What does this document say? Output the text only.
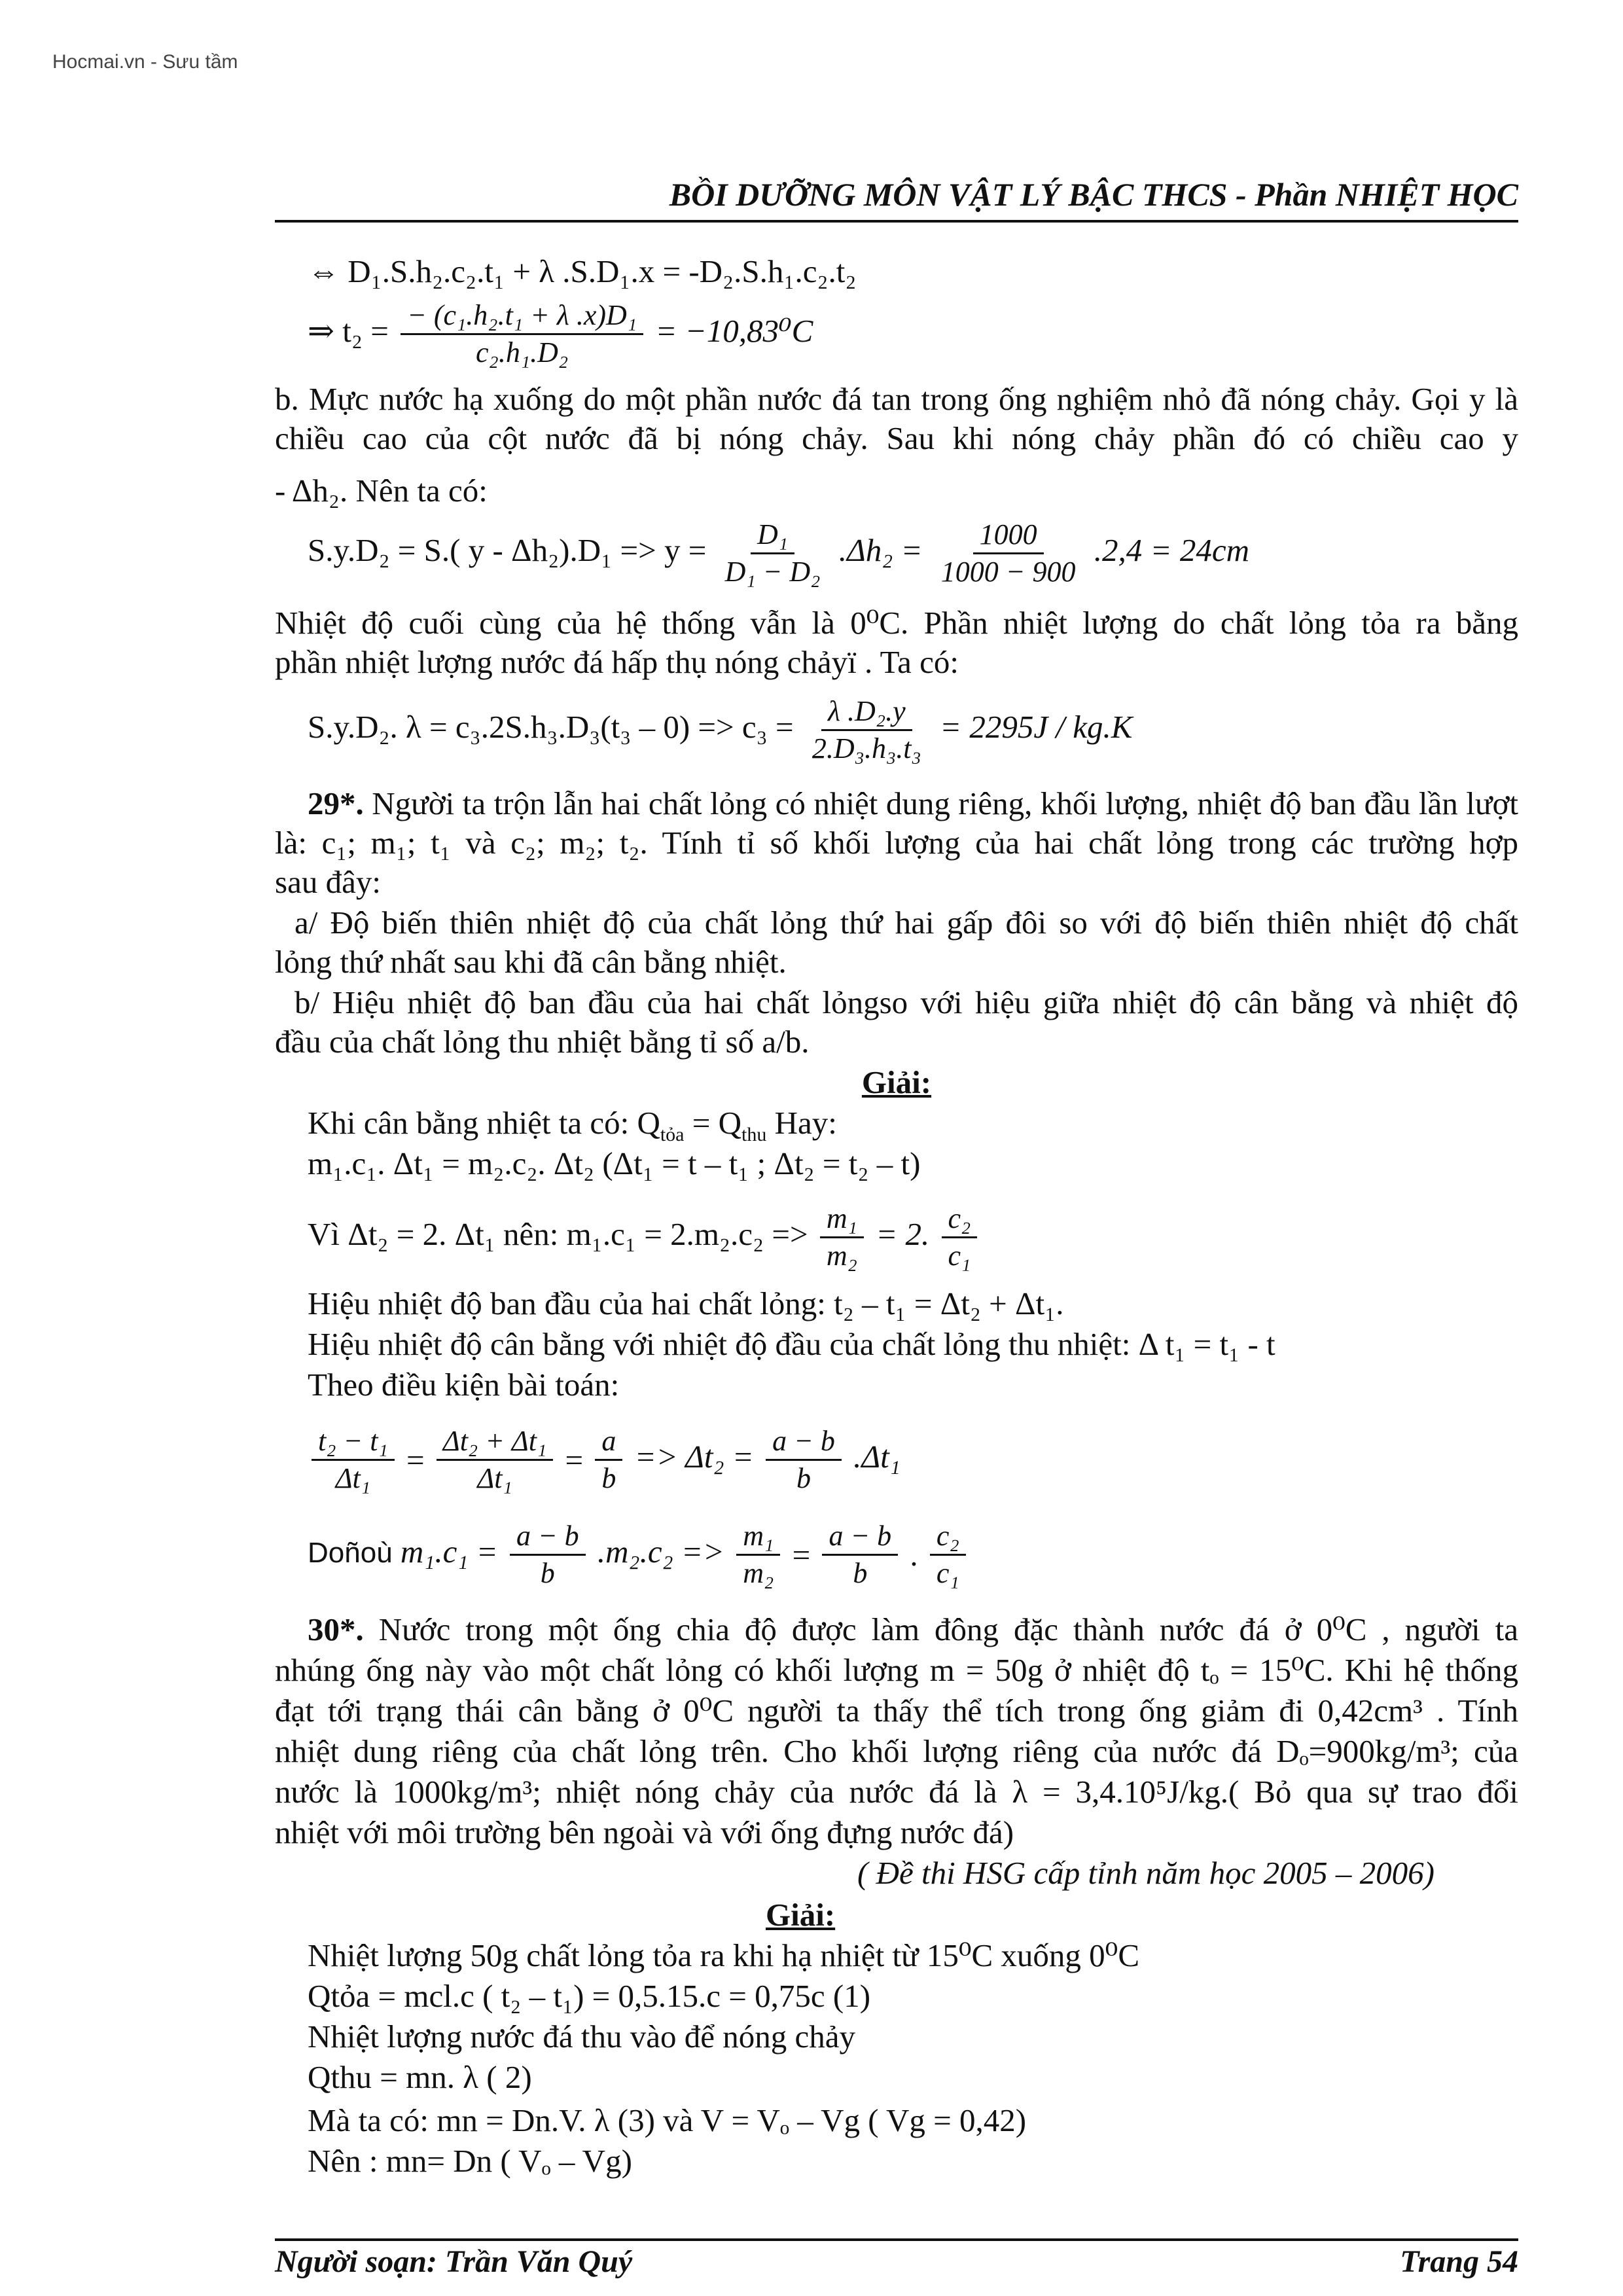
Hocmai.vn - Sưu tầm
BỒI DƯỠNG MÔN VẬT LÝ BẬC THCS - Phần NHIỆT HỌC
⇔ D₁.S.h₂.c₂.t₁ + λ .S.D₁.x = -D₂.S.h₁.c₂.t₂
⇒ $t_2 = \frac{\text{− (c₁.h₂.t₁ + λ .x)D₁}}{\text{c₂.h₁.D₂}} = -10,83^0C$
b. Mực nước hạ xuống do một phần nước đá tan trong ống nghiệm nhỏ đã nóng chảy. Gọi y là chiều cao của cột nước đã bị nóng chảy. Sau khi nóng chảy phần đó có chiều cao y
- Δh₂. Nên ta có:
S.y.D₂ = S.( $y - \Delta h_2).D_1 => y = \frac{\text{D₁}}{\text{D₁ − D₂}} .\Delta h_2 = \frac{1000}{1000 - 900} .2,4 = 24cm$
Nhiệt độ cuối cùng của hệ thống vẫn là 0⁰C. Phần nhiệt lượng do chất lỏng tỏa ra bằng
phần nhiệt lượng nước đá hấp thụ nóng chảyï . Ta có:
S.y.D₂. $\lambda = c_3.2S.h_3.D_3(t_3 - 0) => c_3 = \frac{\text{λ .D₂.y}}{\text{2.D₃.h₃.t₃}} = 2295J / kg.K$
29*. Người ta trộn lẫn hai chất lỏng có nhiệt dung riêng, khối lượng, nhiệt độ ban đầu lần lượt là: c₁; m₁; t₁ và c₂; m₂; t₂. Tính tỉ số khối lượng của hai chất lỏng trong các trường hợp
sau đây:
a/ Độ biến thiên nhiệt độ của chất lỏng thứ hai gấp đôi so với độ biến thiên nhiệt độ chất
lỏng thứ nhất sau khi đã cân bằng nhiệt.
b/ Hiệu nhiệt độ ban đầu của hai chất lỏngso với hiệu giữa nhiệt độ cân bằng và nhiệt độ
đầu của chất lỏng thu nhiệt bằng tỉ số a/b.
Giải:
Khi cân bằng nhiệt ta có: $Q_{tỏa} = Q_{thu}$ Hay:
m₁.c₁. Δt₁ = m₂.c₂. Δt₂ (Δt₁ = t – t₁ ; Δt₂ = t₂ – t)
Vì Δt₂ = 2. Δt₁ nên: $m_1.c_1 = 2.m_2.c_2 => \frac{\text{m₁}}{\text{m₂}} = 2$. $\frac{\text{c₂}}{\text{c₁}}$
Hiệu nhiệt độ ban đầu của hai chất lỏng: t₂ – t₁ = Δt₂ + Δt₁.
Hiệu nhiệt độ cân bằng với nhiệt độ đầu của chất lỏng thu nhiệt: Δ t₁ = t₁ - t
Theo điều kiện bài toán:
$\frac{\text{t₂ − t₁}}{\text{Δt₁}} = \frac{\text{Δt₂ + Δt₁}}{\text{Δt₁}} = \frac{a}{b} => \Delta t_2 = \frac{a - b}{b} .\Delta t_1$
Doñoù $m_1.c_1 = \frac{a - b}{b} .m_2.c_2 => \frac{\text{m₁}}{\text{m₂}} = \frac{a - b}{b}$ . $\frac{\text{c₂}}{\text{c₁}}$
30*. Nước trong một ống chia độ được làm đông đặc thành nước đá ở 0⁰C , người ta
nhúng ống này vào một chất lỏng có khối lượng m = 50g ở nhiệt độ tₒ = 15⁰C. Khi hệ thống
đạt tới trạng thái cân bằng ở 0⁰C người ta thấy thể tích trong ống giảm đi 0,42cm³ . Tính
nhiệt dung riêng của chất lỏng trên. Cho khối lượng riêng của nước đá Dₒ=900kg/m³; của
nước là 1000kg/m³; nhiệt nóng chảy của nước đá là λ = 3,4.10⁵J/kg.( Bỏ qua sự trao đổi
nhiệt với môi trường bên ngoài và với ống đựng nước đá)
( Đề thi HSG cấp tỉnh năm học 2005 – 2006)
Giải:
Nhiệt lượng 50g chất lỏng tỏa ra khi hạ nhiệt từ 15⁰C xuống 0⁰C
Qtỏa = mcl.c ( t₂ – t₁) = 0,5.15.c = 0,75c (1)
Nhiệt lượng nước đá thu vào để nóng chảy
Qthu = mn. λ ( 2)
Mà ta có: mn = Dn.V. λ (3) và V = Vₒ – Vg ( Vg = 0,42)
Nên : mn= Dn ( Vₒ – Vg)
Người soạn: Trần Văn Quý	Trang 54
